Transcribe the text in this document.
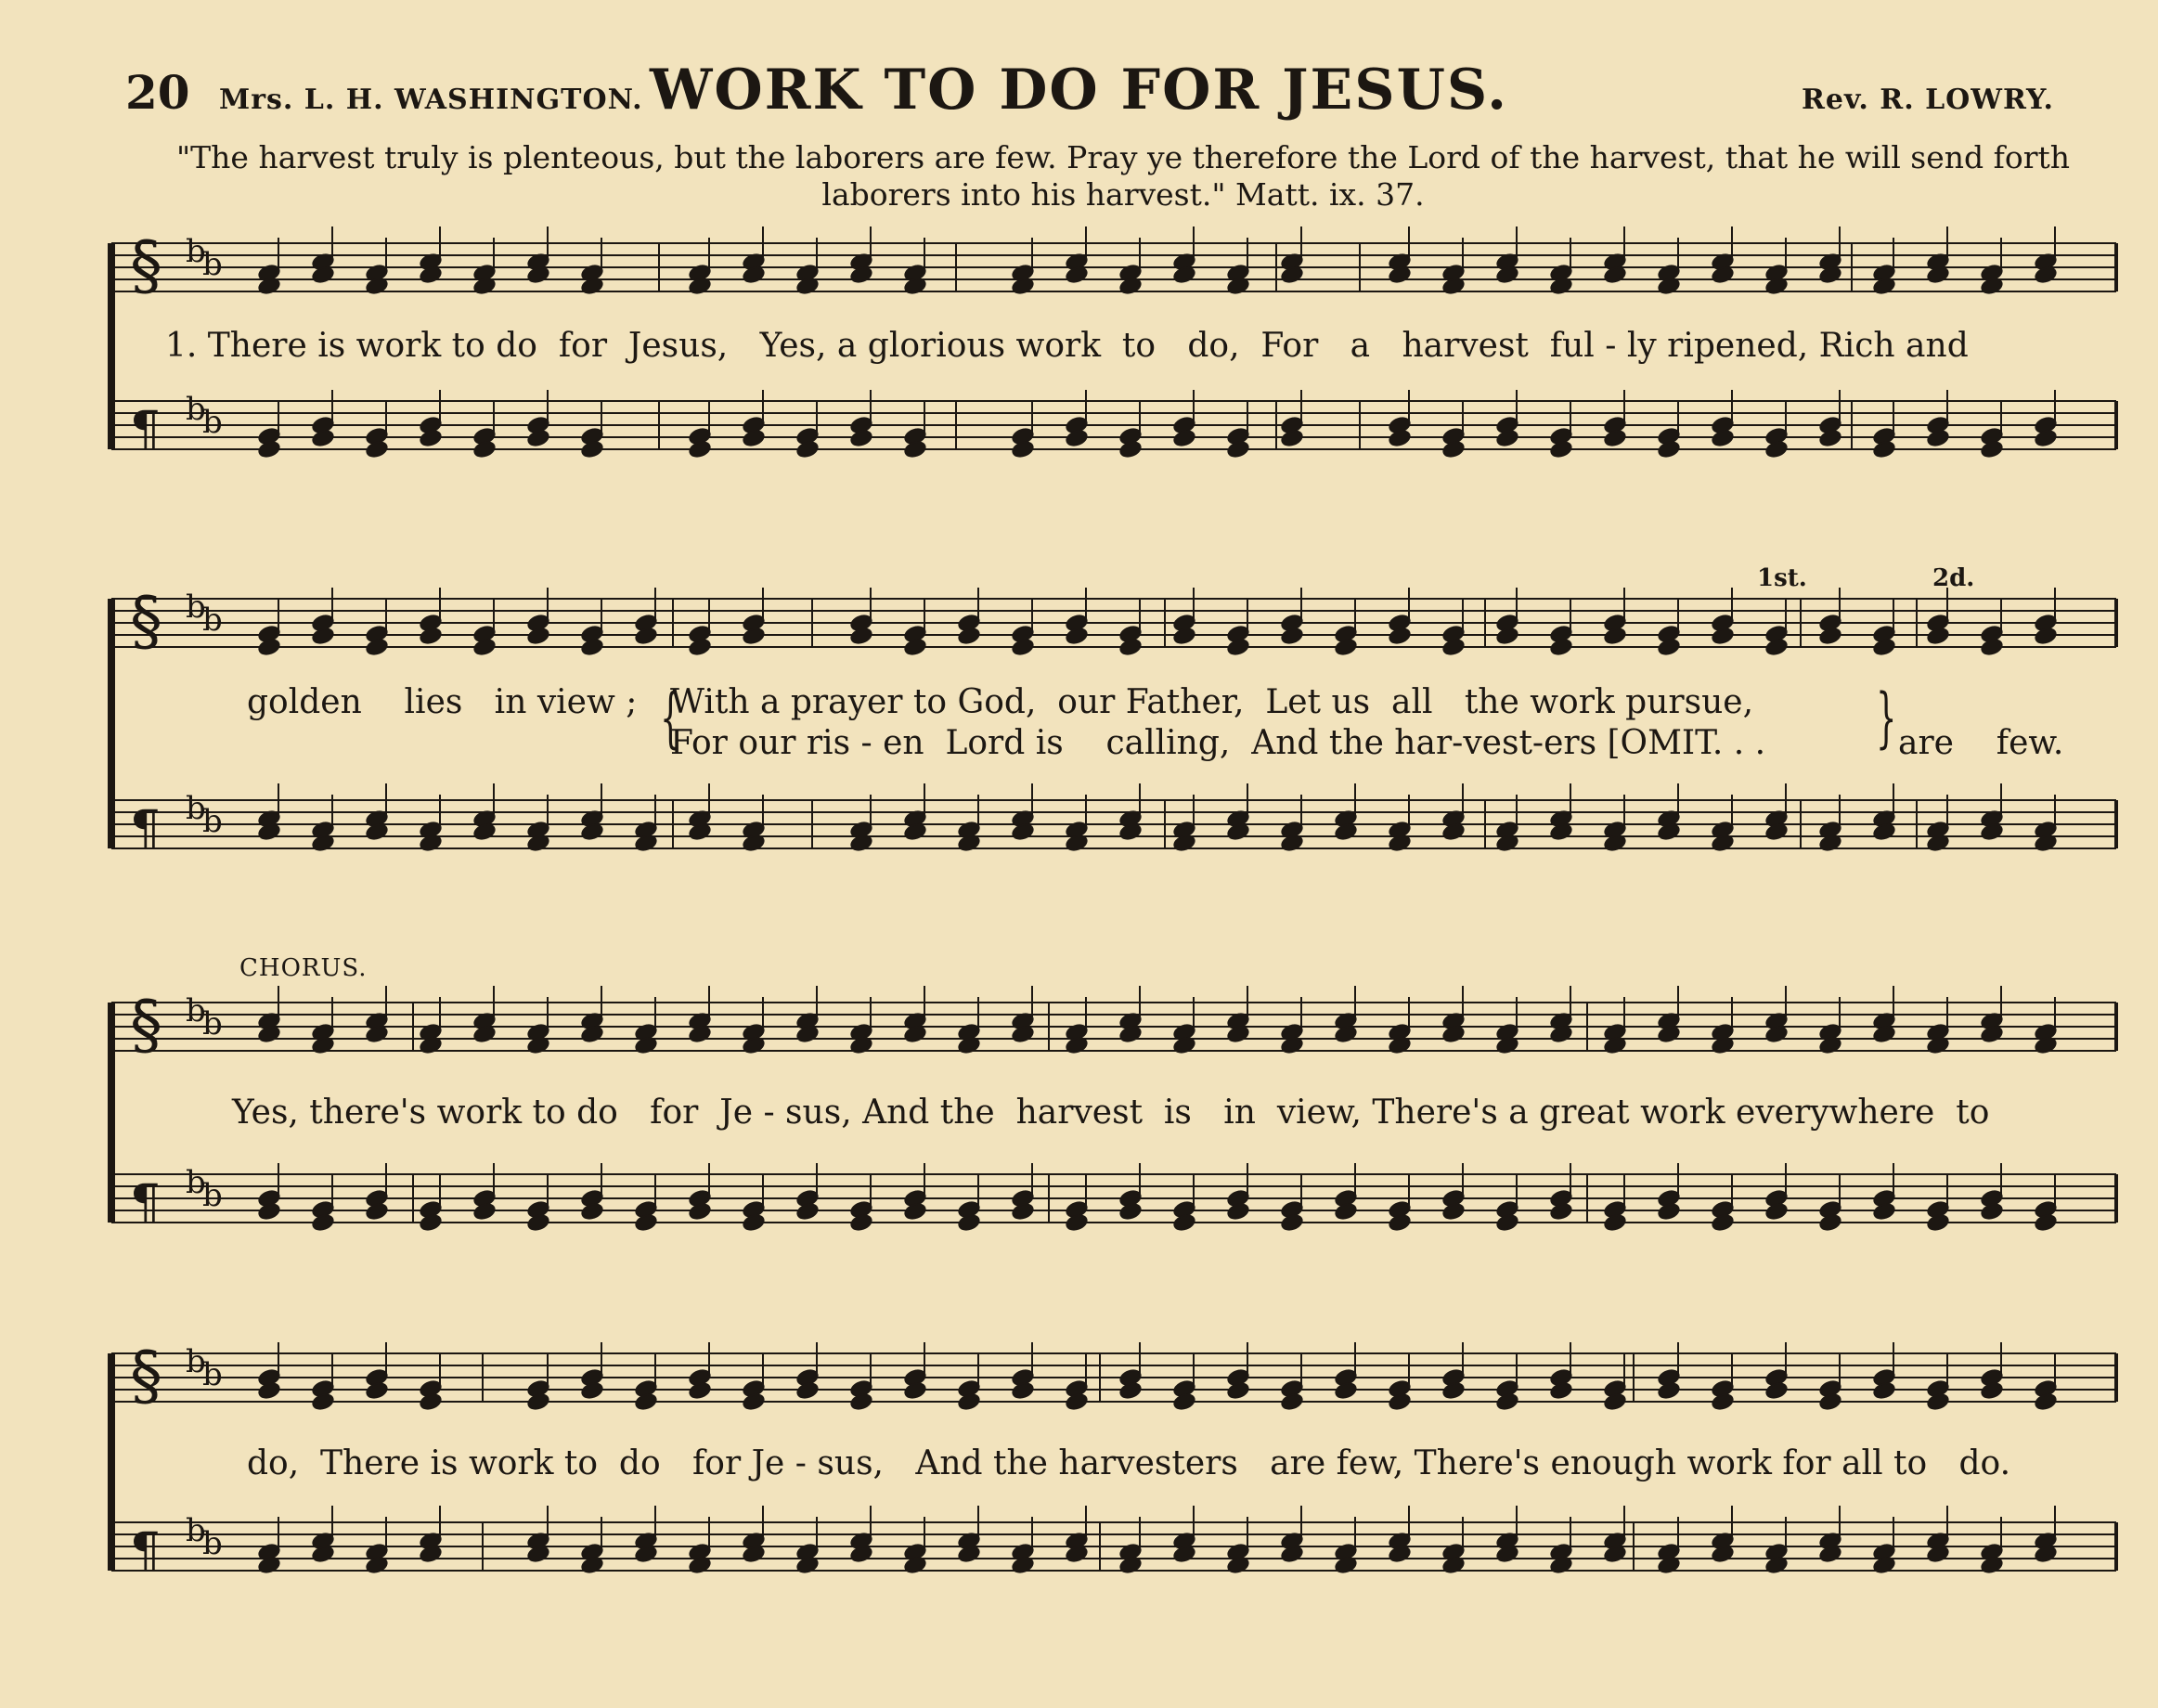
20 Mrs. L. H. WASHINGTON. WORK TO DO FOR JESUS.	Rev. R. LOWRY.
"The harvest truly is plenteous, but the laborers are few. Pray ye therefore the Lord of the harvest, that he will send forth
laborers into his harvest." Matt. ix. 37.
§ b
b
¶ b
b
§ b
b
¶ b
b
§ b
b
¶ b
b
§ b
b
¶ b
b
1st.	2d.
CHORUS.
1. There is work to do  for  Jesus,   Yes, a glorious work  to   do,  For   a   harvest  ful - ly ripened, Rich and
golden    lies   in view ; With a prayer to God,  our Father,  Let us  all   the work pursue,
For our ris - en  Lord is    calling,  And the har-vest-ers [OMIT. . .	are    few.
Yes, there's work to do   for  Je - sus, And the  harvest  is   in  view, There's a great work everywhere  to
do,  There is work to  do   for Je - sus,   And the harvesters   are few, There's enough work for all to   do.
{	}
